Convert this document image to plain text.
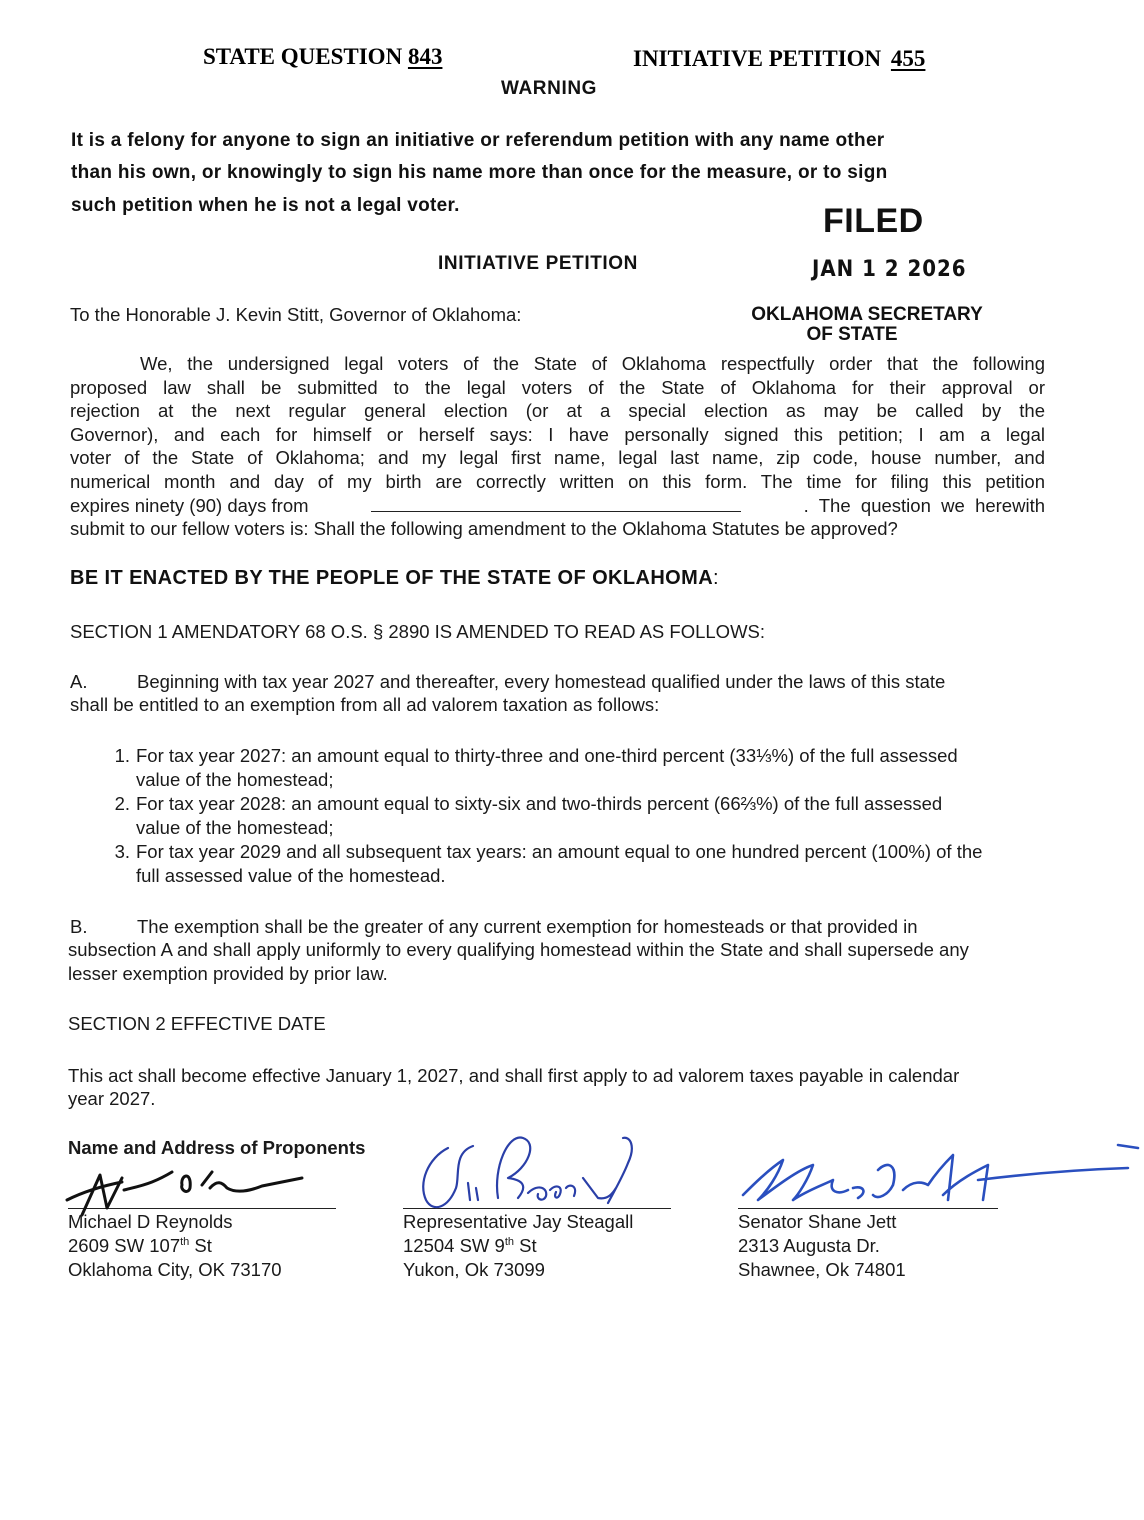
STATE QUESTION 843	INITIATIVE PETITION 455
WARNING
It is a felony for anyone to sign an initiative or referendum petition with any name other
than his own, or knowingly to sign his name more than once for the measure, or to sign
such petition when he is not a legal voter.	FILED
JAN 1 2 2026
OKLAHOMA SECRETARY
OF STATE
INITIATIVE PETITION
To the Honorable J. Kevin Stitt, Governor of Oklahoma:
We, the undersigned legal voters of the State of Oklahoma respectfully order that the following
proposed law shall be submitted to the legal voters of the State of Oklahoma for their approval or
rejection at the next regular general election (or at a special election as may be called by the
Governor), and each for himself or herself says: I have personally signed this petition; I am a legal
voter of the State of Oklahoma; and my legal first name, legal last name, zip code, house number, and
numerical month and day of my birth are correctly written on this form. The time for filing this petition
expires ninety (90) days from	.  The  question  we  herewith
submit to our fellow voters is: Shall the following amendment to the Oklahoma Statutes be approved?
BE IT ENACTED BY THE PEOPLE OF THE STATE OF OKLAHOMA:
SECTION 1 AMENDATORY 68 O.S. § 2890 IS AMENDED TO READ AS FOLLOWS:
A.	Beginning with tax year 2027 and thereafter, every homestead qualified under the laws of this state
shall be entitled to an exemption from all ad valorem taxation as follows:
1. For tax year 2027: an amount equal to thirty-three and one-third percent (33⅓%) of the full assessed
value of the homestead;
2. For tax year 2028: an amount equal to sixty-six and two-thirds percent (66⅔%) of the full assessed
value of the homestead;
3. For tax year 2029 and all subsequent tax years: an amount equal to one hundred percent (100%) of the
full assessed value of the homestead.
B.	The exemption shall be the greater of any current exemption for homesteads or that provided in
subsection A and shall apply uniformly to every qualifying homestead within the State and shall supersede any
lesser exemption provided by prior law.
SECTION 2 EFFECTIVE DATE
This act shall become effective January 1, 2027, and shall first apply to ad valorem taxes payable in calendar
year 2027.
Name and Address of Proponents
Michael D Reynolds
2609 SW 107th St
Oklahoma City, OK 73170
Representative Jay Steagall
12504 SW 9th St
Yukon, Ok 73099
Senator Shane Jett
2313 Augusta Dr.
Shawnee, Ok 74801
